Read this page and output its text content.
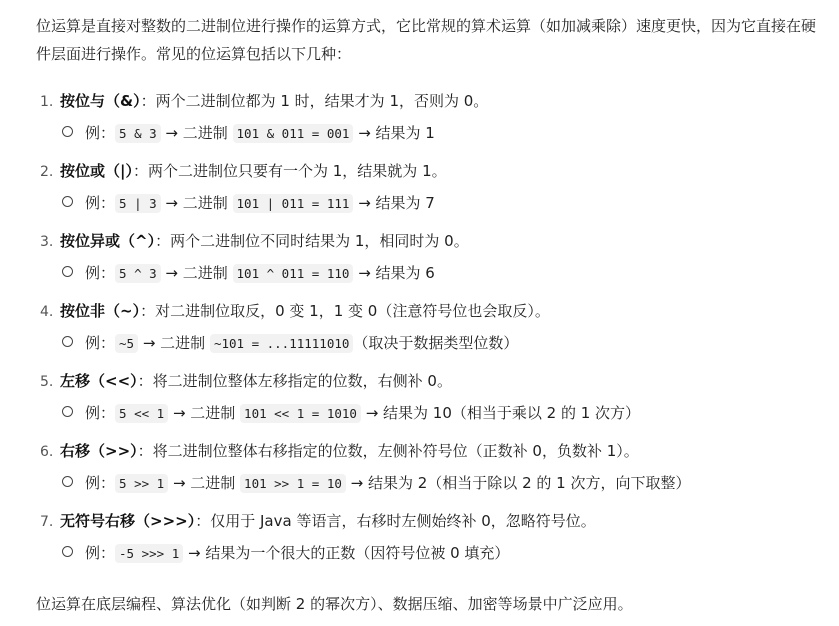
位运算是直接对整数的二进制位进行操作的运算方式，它比常规的算术运算（如加减乘除）速度更快，因为它直接在硬件层面进行操作。常见的位运算包括以下几种：

1. 按位与（&）：两个二进制位都为 1 时，结果才为 1，否则为 0。
例： 5 & 3 → 二进制 101 & 011 = 001 → 结果为 1
2. 按位或（|）：两个二进制位只要有一个为 1，结果就为 1。
例： 5 | 3 → 二进制 101 | 011 = 111 → 结果为 7
3. 按位异或（^）：两个二进制位不同时结果为 1，相同时为 0。
例： 5 ^ 3 → 二进制 101 ^ 011 = 110 → 结果为 6
4. 按位非（~）：对二进制位取反，0 变 1，1 变 0（注意符号位也会取反）。
例： ~5 → 二进制 ~101 = ...11111010 （取决于数据类型位数）
5. 左移（<<）：将二进制位整体左移指定的位数，右侧补 0。
例： 5 << 1 → 二进制 101 << 1 = 1010 → 结果为 10（相当于乘以 2 的 1 次方）
6. 右移（>>）：将二进制位整体右移指定的位数，左侧补符号位（正数补 0，负数补 1）。
例： 5 >> 1 → 二进制 101 >> 1 = 10 → 结果为 2（相当于除以 2 的 1 次方，向下取整）
7. 无符号右移（>>>）：仅用于 Java 等语言，右移时左侧始终补 0，忽略符号位。
例： -5 >>> 1 → 结果为一个很大的正数（因符号位被 0 填充）

位运算在底层编程、算法优化（如判断 2 的幂次方）、数据压缩、加密等场景中广泛应用。
